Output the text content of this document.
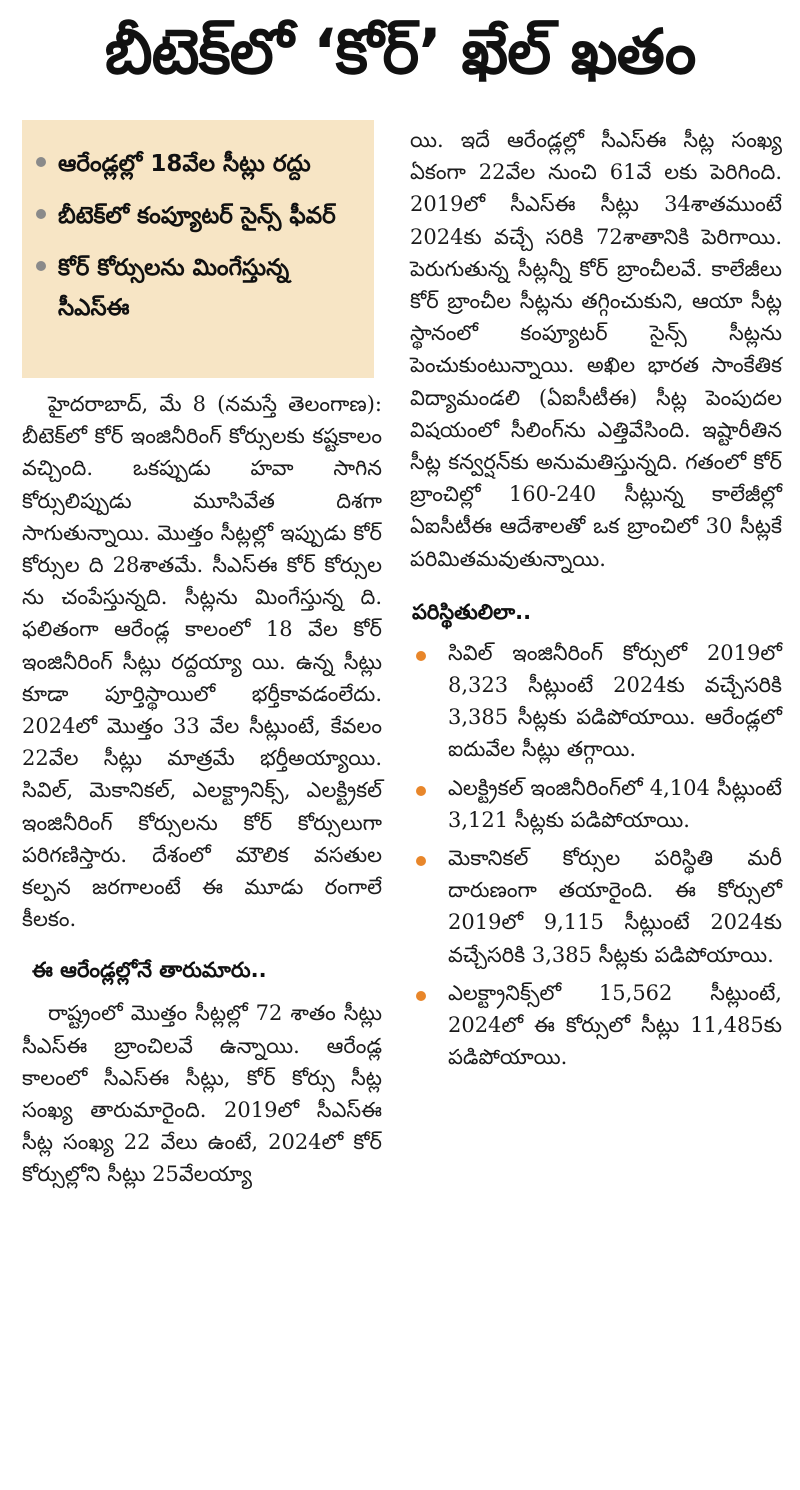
బీటెక్‌లో ‘కోర్’ ఖేల్ ఖతం
ఆరేండ్లల్లో 18వేల సీట్లు రద్దు
బీటెక్‌లో కంప్యూటర్ సైన్స్ ఫీవర్
కోర్ కోర్సులను మింగేస్తున్న సీఎస్ఈ

హైదరాబాద్, మే 8 (నమస్తే తెలంగాణ): బీటెక్‌లో కోర్ ఇంజినీరింగ్ కోర్సులకు కష్టకాలం వచ్చింది. ఒకప్పుడు హవా సాగిన కోర్సులిప్పుడు మూసివేత దిశగా సాగుతున్నాయి. మొత్తం సీట్లల్లో ఇప్పుడు కోర్ కోర్సుల ది 28శాతమే. సీఎస్ఈ కోర్ కోర్సుల ను చంపేస్తున్నది. సీట్లను మింగేస్తున్న ది. ఫలితంగా ఆరేండ్ల కాలంలో 18 వేల కోర్ ఇంజినీరింగ్ సీట్లు రద్దయ్యా యి. ఉన్న సీట్లు కూడా పూర్తిస్థాయిలో భర్తీకావడంలేదు. 2024లో మొత్తం 33 వేల సీట్లుంటే, కేవలం 22వేల సీట్లు మాత్రమే భర్తీఅయ్యాయి. సివిల్, మెకానికల్, ఎలక్ట్రానిక్స్, ఎలక్ట్రికల్ ఇంజినీరింగ్ కోర్సులను కోర్ కోర్సులుగా పరిగణిస్తారు. దేశంలో మౌలిక వసతుల కల్పన జరగాలంటే ఈ మూడు రంగాలే కీలకం.

ఈ ఆరేండ్లల్లోనే తారుమారు..

రాష్ట్రంలో మొత్తం సీట్లల్లో 72 శాతం సీట్లు సీఎస్ఈ బ్రాంచిలవే ఉన్నాయి. ఆరేండ్ల కాలంలో సీఎస్ఈ సీట్లు, కోర్ కోర్సు సీట్ల సంఖ్య తారుమారైంది. 2019లో సీఎస్ఈ సీట్ల సంఖ్య 22 వేలు ఉంటే, 2024లో కోర్ కోర్సుల్లోని సీట్లు 25వేలయ్యా

యి. ఇదే ఆరేండ్లల్లో సీఎస్ఈ సీట్ల సంఖ్య ఏకంగా 22వేల నుంచి 61వే లకు పెరిగింది. 2019లో సీఎస్ఈ సీట్లు 34శాతముంటే 2024కు వచ్చే సరికి 72శాతానికి పెరిగాయి. పెరుగుతున్న సీట్లన్నీ కోర్ బ్రాంచీలవే. కాలేజీలు కోర్ బ్రాంచీల సీట్లను తగ్గించుకుని, ఆయా సీట్ల స్థానంలో కంప్యూటర్ సైన్స్ సీట్లను పెంచుకుంటున్నాయి. అఖిల భారత సాంకేతిక విద్యామండలి (ఏఐసీటీఈ) సీట్ల పెంపుదల విషయంలో సీలింగ్‌ను ఎత్తివేసింది. ఇష్టారీతిన సీట్ల కన్వర్షన్‌కు అనుమతిస్తున్నది. గతంలో కోర్ బ్రాంచిల్లో 160-240 సీట్లున్న కాలేజీల్లో ఏఐసీటీఈ ఆదేశాలతో ఒక బ్రాంచిలో 30 సీట్లకే పరిమితమవుతున్నాయి.

పరిస్థితులిలా..
సివిల్ ఇంజినీరింగ్ కోర్సులో 2019లో 8,323 సీట్లుంటే 2024కు వచ్చేసరికి 3,385 సీట్లకు పడిపోయాయి. ఆరేండ్లలో ఐదువేల సీట్లు తగ్గాయి.
ఎలక్ట్రికల్ ఇంజినీరింగ్‌లో 4,104 సీట్లుంటే 3,121 సీట్లకు పడిపోయాయి.
మెకానికల్ కోర్సుల పరిస్థితి మరీ దారుణంగా తయారైంది. ఈ కోర్సులో 2019లో 9,115 సీట్లుంటే 2024కు వచ్చేసరికి 3,385 సీట్లకు పడిపోయాయి.
ఎలక్ట్రానిక్స్‌లో 15,562 సీట్లుంటే, 2024లో ఈ కోర్సులో సీట్లు 11,485కు పడిపోయాయి.
